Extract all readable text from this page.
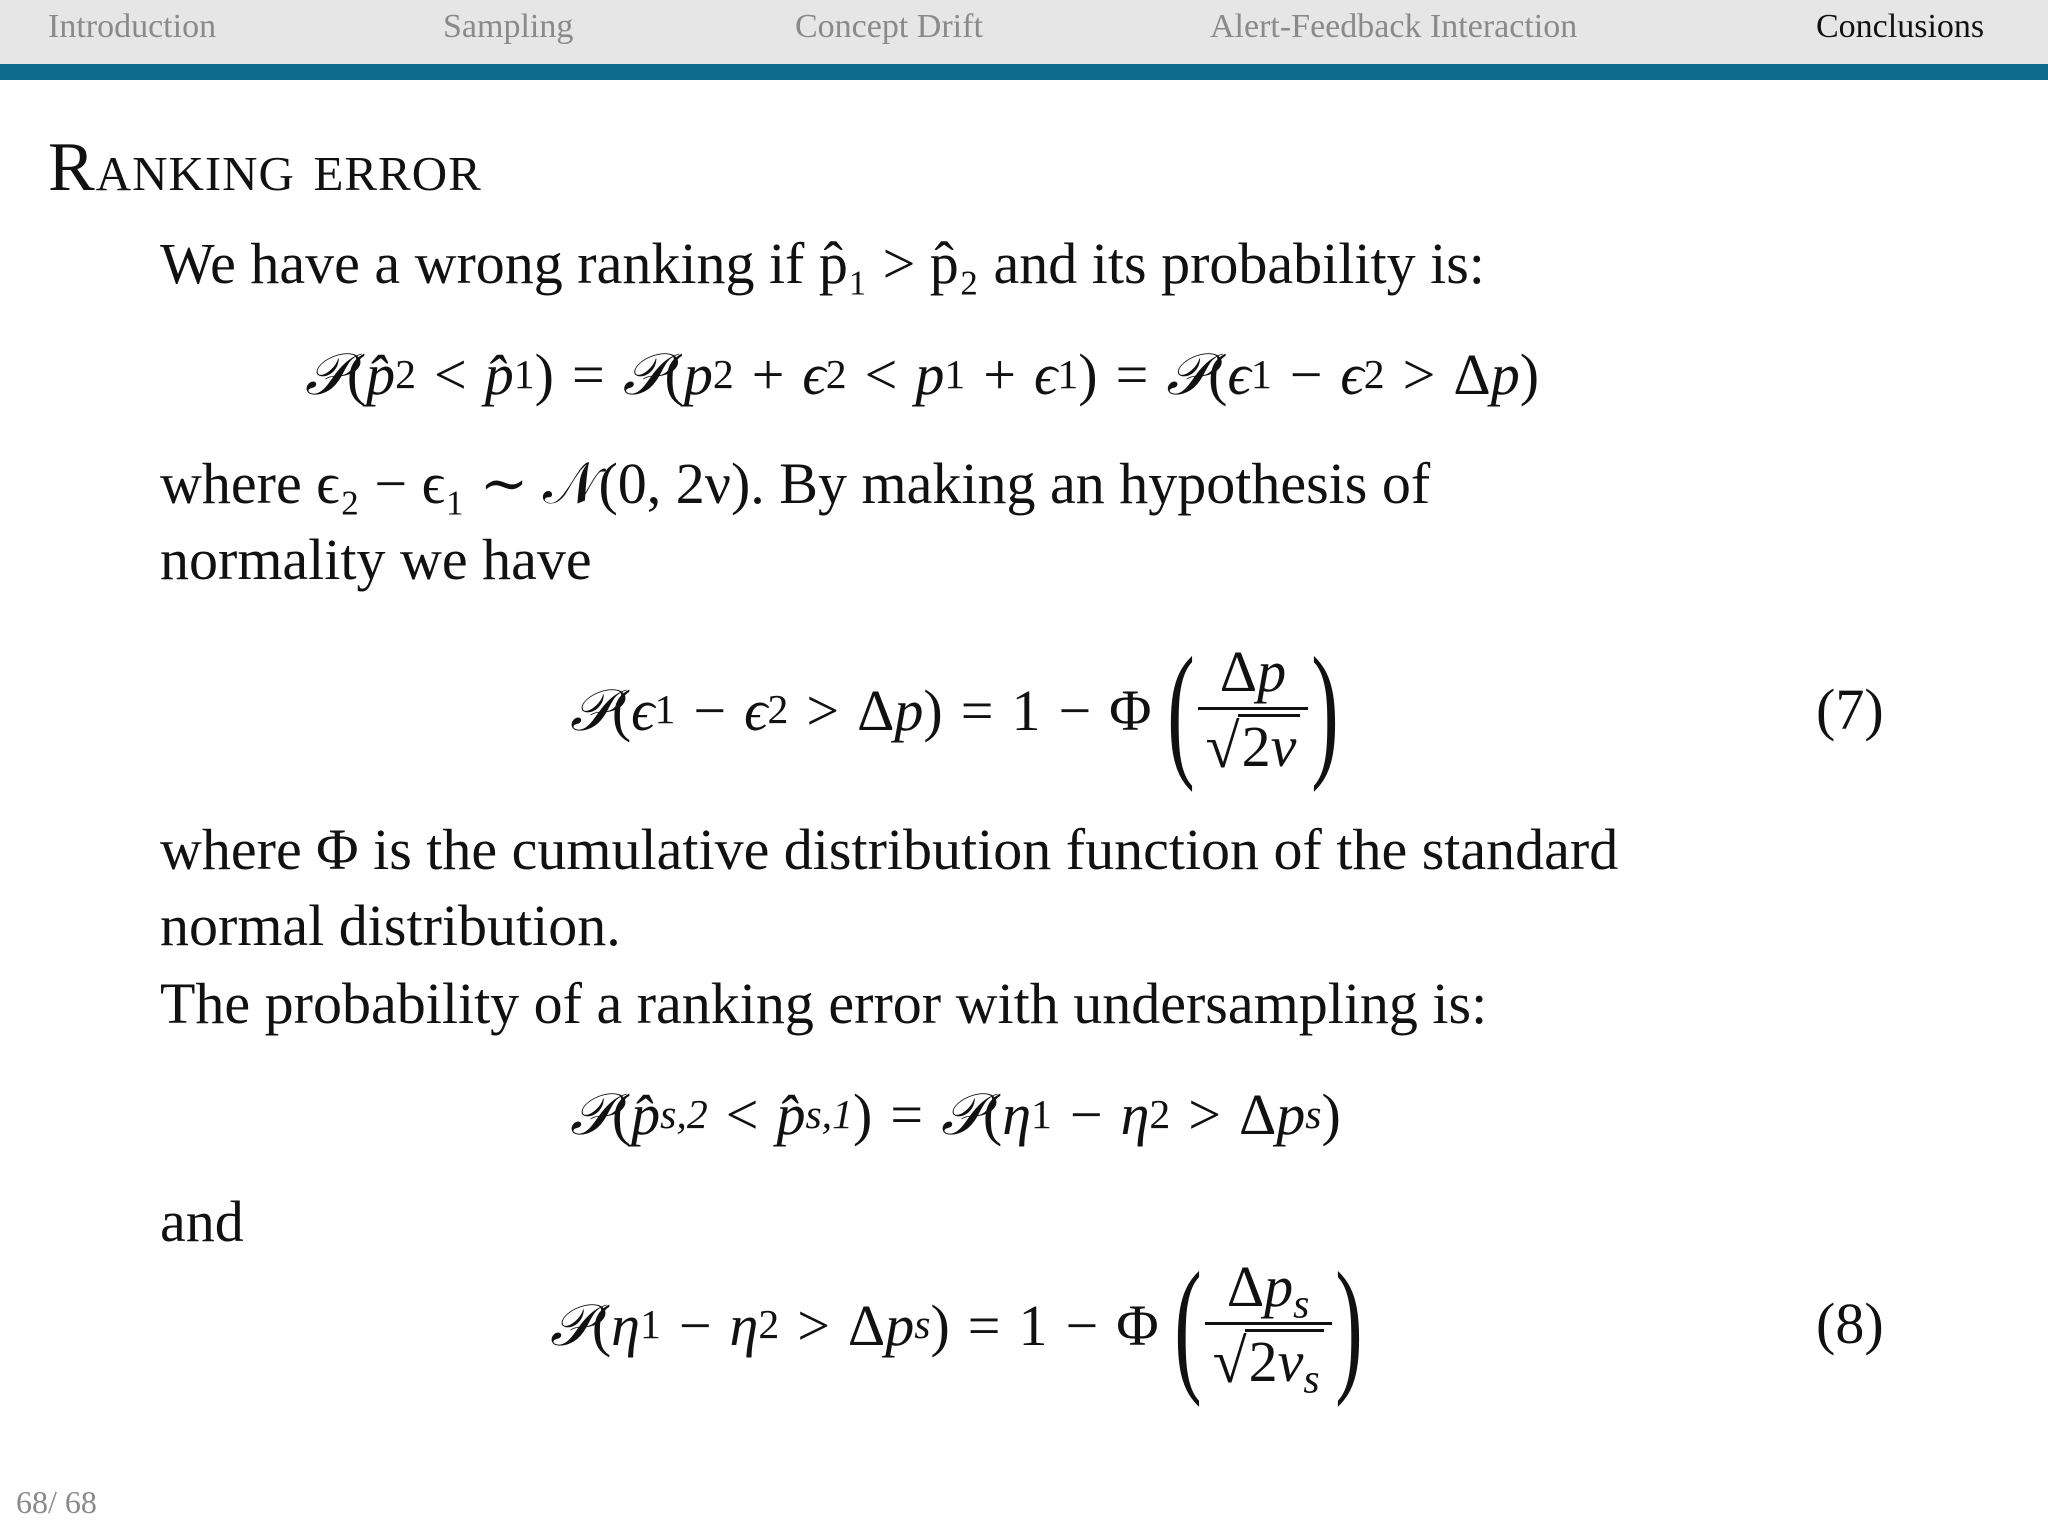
Introduction	Sampling	Concept Drift	Alert-Feedback Interaction	Conclusions
Ranking error
We have a wrong ranking if p̂₁ > p̂₂ and its probability is:
𝒫 ( p̂ 2 < p̂ 1 ) = 𝒫 ( p 2 + ϵ 2 < p 1 + ϵ 1 ) = 𝒫 ( ϵ 1 − ϵ 2 > Δ p )
where ϵ₂ − ϵ₁ ∼ 𝒩(0, 2ν). By making an hypothesis of
normality we have
𝒫 ( ϵ 1 − ϵ 2 > Δ p ) = 1 − Φ ( $\frac{\Delta p}{√ 2\nu}$ )	(7)
where Φ is the cumulative distribution function of the standard
normal distribution.
The probability of a ranking error with undersampling is:
𝒫 ( p̂ s,2 < p̂ s,1 ) = 𝒫 ( η 1 − η 2 > Δ p s )
and
𝒫 ( η 1 − η 2 > Δ p s ) = 1 − Φ ( $\frac{\Delta p_s}{√ 2\nu_s}$ )	(8)
68/ 68
